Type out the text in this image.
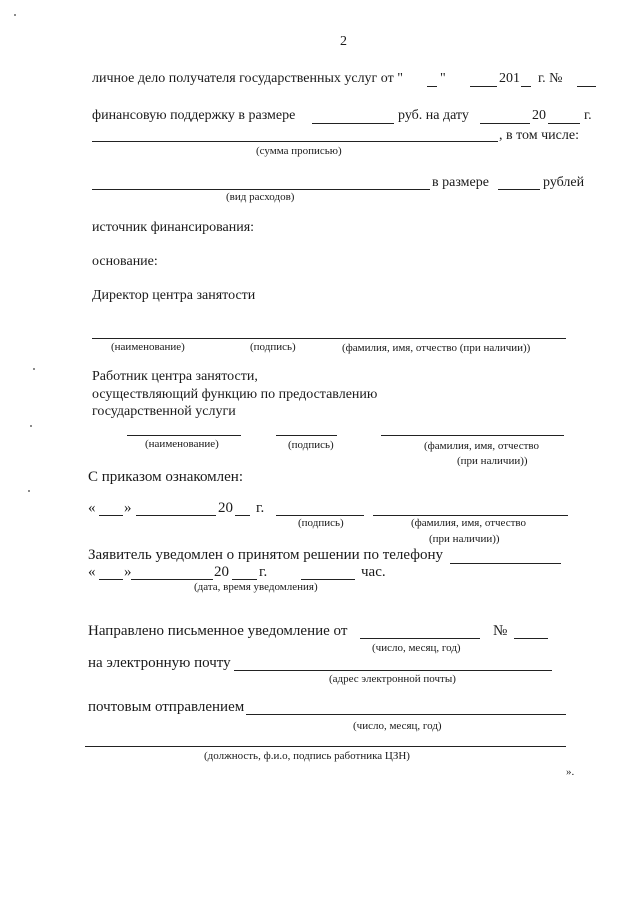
2
личное дело получателя государственных услуг от "	"	201 г. №
финансовую поддержку в размере	руб. на дату	20	г.
, в том числе:
(сумма прописью)
в размере	рублей
(вид расходов)
источник финансирования:
основание:
Директор центра занятости
(наименование)	(подпись)	(фамилия, имя, отчество (при наличии))
Работник центра занятости,
осуществляющий функцию по предоставлению
государственной услуги
(наименование)	(подпись)	(фамилия, имя, отчество
(при наличии))
С приказом ознакомлен:
« »	20 г.
(подпись)	(фамилия, имя, отчество
(при наличии))
Заявитель уведомлен о принятом решении по телефону
« »	20 г.	час.
(дата, время уведомления)
Направлено письменное уведомление от	№
(число, месяц, год)
на электронную почту
(адрес электронной почты)
почтовым отправлением
(число, месяц, год)
(должность, ф.и.о, подпись работника ЦЗН)
».
